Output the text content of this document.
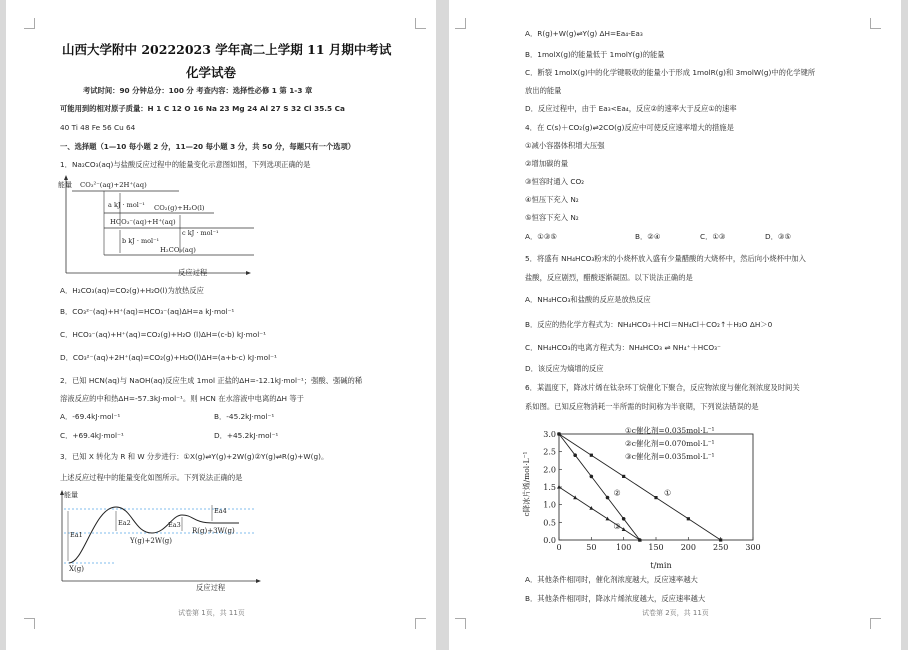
山西大学附中 20222023 学年高二上学期 11 月期中考试
化学试卷
考试时间：90 分钟总分：100 分 考查内容：选择性必修 1 第 1-3 章
可能用到的相对原子质量：H 1 C 12 O 16 Na 23 Mg 24 Al 27 S 32 Cl 35.5 Ca
40 Ti 48 Fe 56 Cu 64
一、选择题（1—10 每小题 2 分，11—20 每小题 3 分，共 50 分，每题只有一个选项）
1．Na₂CO₃(aq)与盐酸反应过程中的能量变化示意图如图，下列选项正确的是
能量 CO₃²⁻(aq)+2H⁺(aq)
CO₂(g)+H₂O(l)
HCO₃⁻(aq)+H⁺(aq)
H₂CO₃(aq)
a kJ · mol⁻¹
b kJ · mol⁻¹
c kJ · mol⁻¹
反应过程
A．H₂CO₃(aq)=CO₂(g)+H₂O(l)为放热反应
B．CO₃²⁻(aq)+H⁺(aq)=HCO₃⁻(aq)ΔH=a kJ·mol⁻¹
C．HCO₃⁻(aq)+H⁺(aq)=CO₂(g)+H₂O (l)ΔH=(c-b) kJ·mol⁻¹
D．CO₃²⁻(aq)+2H⁺(aq)=CO₂(g)+H₂O(l)ΔH=(a+b-c) kJ·mol⁻¹
2．已知 HCN(aq)与 NaOH(aq)反应生成 1mol 正盐的ΔH=-12.1kJ·mol⁻¹；强酸、强碱的稀
溶液反应的中和热ΔH=-57.3kJ·mol⁻¹。则 HCN 在水溶液中电离的ΔH 等于
A．-69.4kJ·mol⁻¹	B．-45.2kJ·mol⁻¹
C．+69.4kJ·mol⁻¹	D．+45.2kJ·mol⁻¹
3．已知 X 转化为 R 和 W 分步进行：①X(g)⇌Y(g)+2W(g)②Y(g)⇌R(g)+W(g)。
上述反应过程中的能量变化如图所示。下列说法正确的是
能量
Ea1
Ea2	Ea3
Ea4
X(g)
Y(g)+2W(g)
R(g)+3W(g)
反应过程
试卷第 1页，共 11页
A．R(g)+W(g)⇌Y(g) ΔH=Ea₄-Ea₃
B．1molX(g)的能量低于 1molY(g)的能量
C．断裂 1molX(g)中的化学键吸收的能量小于形成 1molR(g)和 3molW(g)中的化学键所
放出的能量
D．反应过程中，由于 Ea₃<Ea₄，反应②的速率大于反应①的速率
4．在 C(s)＋CO₂(g)⇌2CO(g)反应中可使反应速率增大的措施是
①减小容器体积增大压强
②增加碳的量
③恒容时通入 CO₂
④恒压下充入 N₂
⑤恒容下充入 N₂
A．①③⑤	B．②④	C．①③	D．③⑤
5．将盛有 NH₄HCO₃粉末的小烧杯放入盛有少量醋酸的大烧杯中，然后向小烧杯中加入
盐酸，反应剧烈，醋酸逐渐凝固。以下说法正确的是
A．NH₄HCO₃和盐酸的反应是放热反应
B．反应的热化学方程式为：NH₄HCO₃＋HCl＝NH₄Cl＋CO₂↑＋H₂O ΔH＞0
C．NH₄HCO₃的电离方程式为：NH₄HCO₃ ⇌ NH₄⁺＋HCO₃⁻
D．该反应为熵增的反应
6．某温度下，降冰片烯在钛杂环丁烷催化下聚合，反应物浓度与催化剂浓度及时间关
系如图。已知反应物消耗一半所需的时间称为半衰期，下列说法错误的是
0	50 100 150 200 250 300
0.0
0.5
1.0
1.5
2.0
2.5
3.0
①
②
③
①c催化剂=0.035mol·L⁻¹
②c催化剂=0.070mol·L⁻¹
③c催化剂=0.035mol·L⁻¹
c降冰片烯/mol·L⁻¹
t/min
A．其他条件相同时，催化剂浓度越大，反应速率越大
B．其他条件相同时，降冰片烯浓度越大，反应速率越大
试卷第 2页，共 11页
